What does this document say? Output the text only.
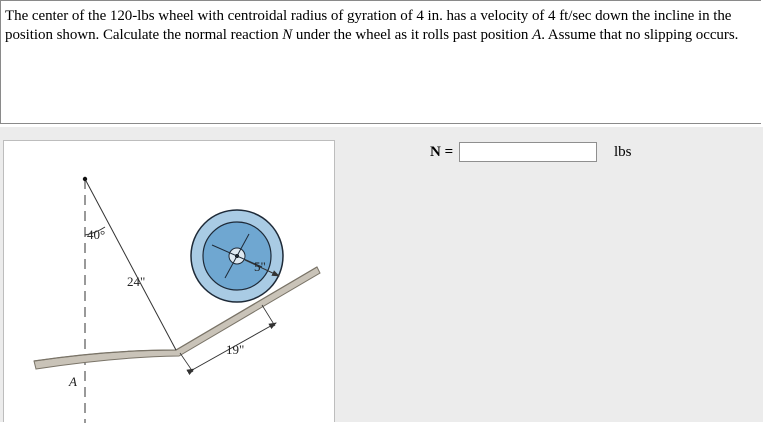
The center of the 120-lbs wheel with centroidal radius of gyration of 4 in. has a velocity of 4 ft/sec down the incline in the position shown. Calculate the normal reaction N under the wheel as it rolls past position A. Assume that no slipping occurs.
40°
24"
19"
5"
A
N =	lbs
